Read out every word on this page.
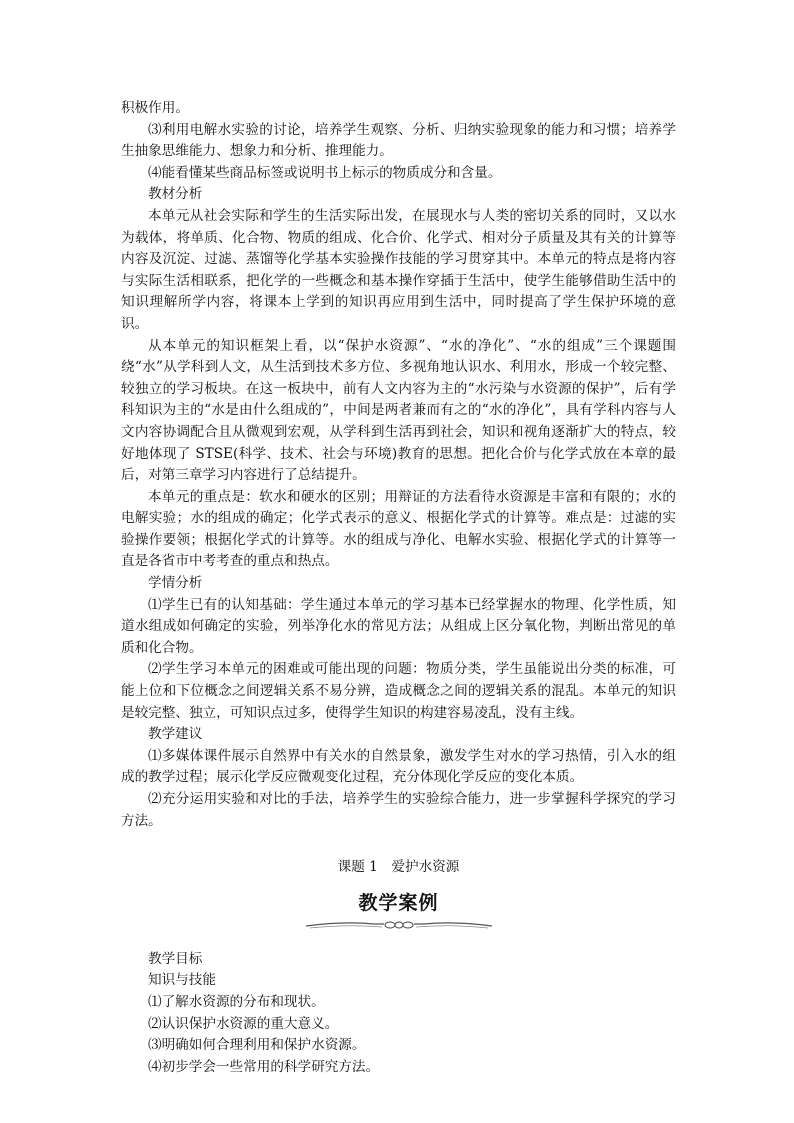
积极作用。

⑶利用电解水实验的讨论，培养学生观察、分析、归纳实验现象的能力和习惯；培养学生抽象思维能力、想象力和分析、推理能力。

⑷能看懂某些商品标签或说明书上标示的物质成分和含量。

教材分析

本单元从社会实际和学生的生活实际出发，在展现水与人类的密切关系的同时，又以水为载体，将单质、化合物、物质的组成、化合价、化学式、相对分子质量及其有关的计算等内容及沉淀、过滤、蒸馏等化学基本实验操作技能的学习贯穿其中。本单元的特点是将内容与实际生活相联系，把化学的一些概念和基本操作穿插于生活中，使学生能够借助生活中的知识理解所学内容，将课本上学到的知识再应用到生活中，同时提高了学生保护环境的意识。

从本单元的知识框架上看，以“保护水资源”、“水的净化”、“水的组成”三个课题围绕“水”从学科到人文，从生活到技术多方位、多视角地认识水、利用水，形成一个较完整、较独立的学习板块。在这一板块中，前有人文内容为主的“水污染与水资源的保护”，后有学科知识为主的“水是由什么组成的”，中间是两者兼而有之的“水的净化”，具有学科内容与人文内容协调配合且从微观到宏观，从学科到生活再到社会，知识和视角逐渐扩大的特点，较好地体现了 STSE(科学、技术、社会与环境)教育的思想。把化合价与化学式放在本章的最后，对第三章学习内容进行了总结提升。

本单元的重点是：软水和硬水的区别；用辩证的方法看待水资源是丰富和有限的；水的电解实验；水的组成的确定；化学式表示的意义、根据化学式的计算等。难点是：过滤的实验操作要领；根据化学式的计算等。水的组成与净化、电解水实验、根据化学式的计算等一直是各省市中考考查的重点和热点。

学情分析

⑴学生已有的认知基础：学生通过本单元的学习基本已经掌握水的物理、化学性质，知道水组成如何确定的实验，列举净化水的常见方法；从组成上区分氧化物，判断出常见的单质和化合物。

⑵学生学习本单元的困难或可能出现的问题：物质分类，学生虽能说出分类的标准，可能上位和下位概念之间逻辑关系不易分辨，造成概念之间的逻辑关系的混乱。本单元的知识是较完整、独立，可知识点过多，使得学生知识的构建容易凌乱，没有主线。

教学建议

⑴多媒体课件展示自然界中有关水的自然景象，激发学生对水的学习热情，引入水的组成的教学过程；展示化学反应微观变化过程，充分体现化学反应的变化本质。

⑵充分运用实验和对比的手法，培养学生的实验综合能力，进一步掌握科学探究的学习方法。

课题 1　爱护水资源
教学案例

教学目标

知识与技能

⑴了解水资源的分布和现状。

⑵认识保护水资源的重大意义。

⑶明确如何合理利用和保护水资源。

⑷初步学会一些常用的科学研究方法。
